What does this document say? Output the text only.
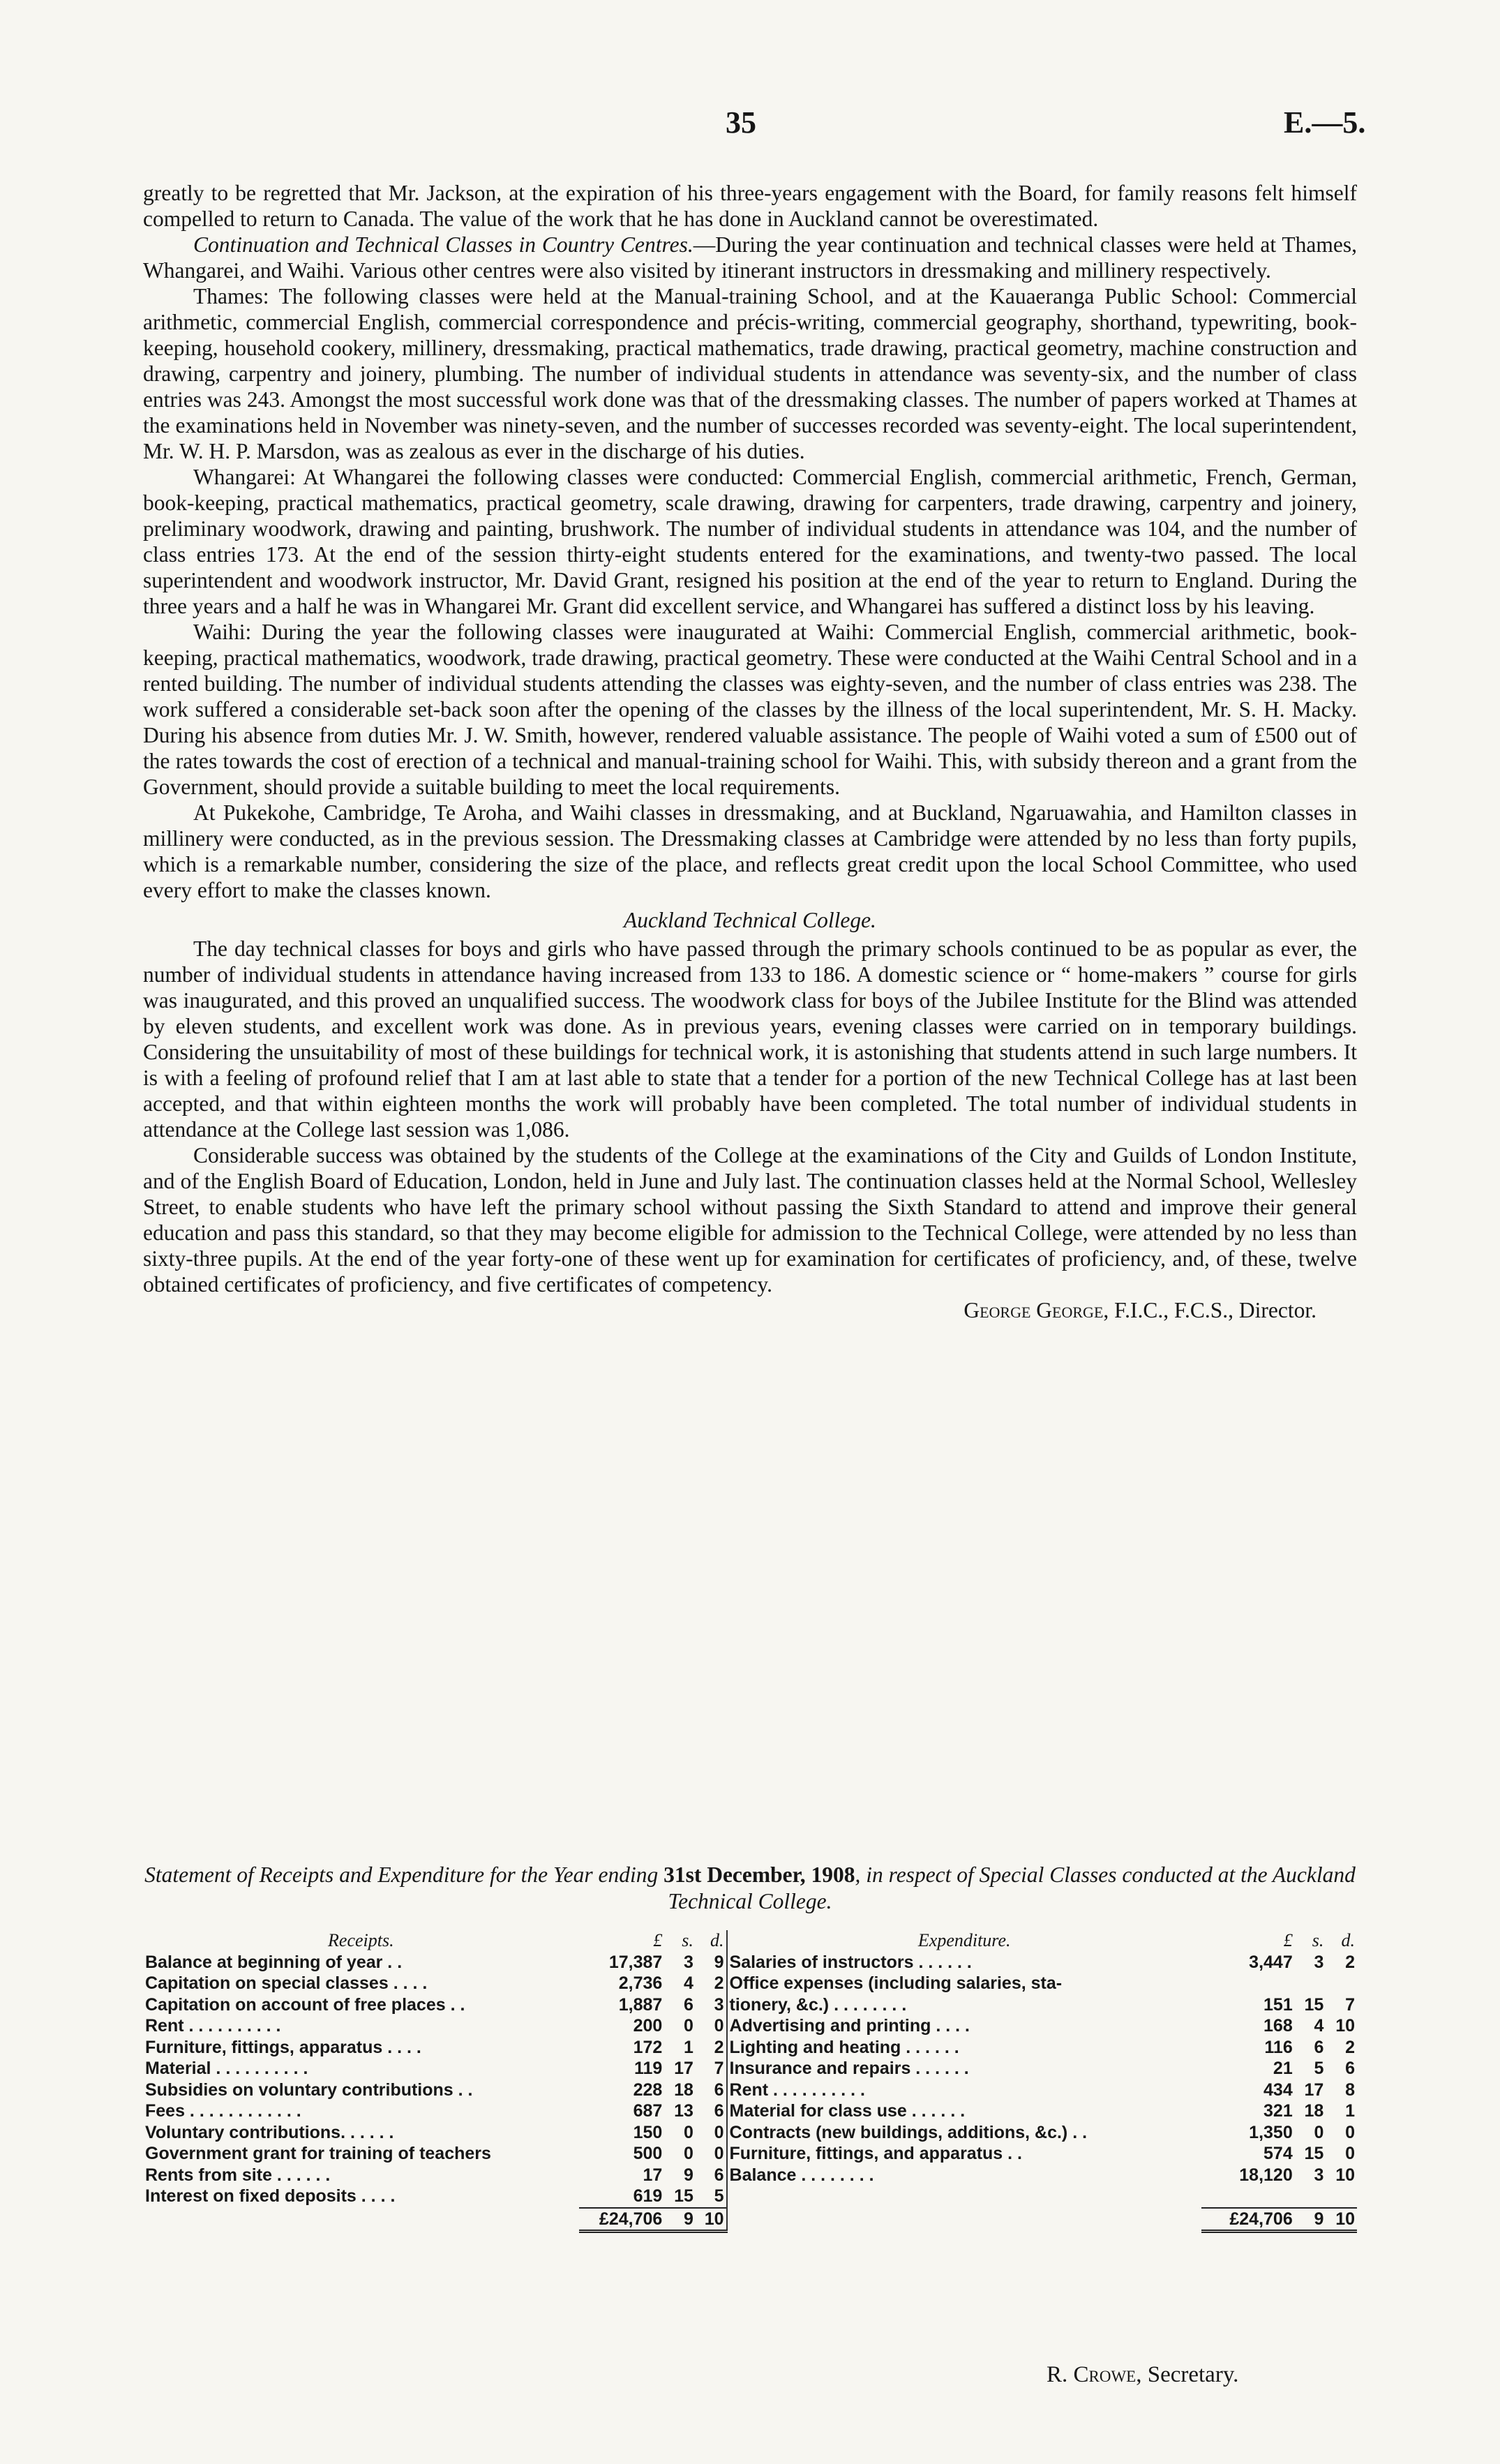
35	E.—5.

greatly to be regretted that Mr. Jackson, at the expiration of his three-years engagement with the Board, for family reasons felt himself compelled to return to Canada. The value of the work that he has done in Auckland cannot be overestimated.

Continuation and Technical Classes in Country Centres.—During the year continuation and technical classes were held at Thames, Whangarei, and Waihi. Various other centres were also visited by itinerant instructors in dressmaking and millinery respectively.

Thames: The following classes were held at the Manual-training School, and at the Kauaeranga Public School: Commercial arithmetic, commercial English, commercial correspondence and précis-writing, commercial geography, shorthand, typewriting, book-keeping, household cookery, millinery, dressmaking, practical mathematics, trade drawing, practical geometry, machine construction and drawing, carpentry and joinery, plumbing. The number of individual students in attendance was seventy-six, and the number of class entries was 243. Amongst the most successful work done was that of the dressmaking classes. The number of papers worked at Thames at the examinations held in November was ninety-seven, and the number of successes recorded was seventy-eight. The local superintendent, Mr. W. H. P. Marsdon, was as zealous as ever in the discharge of his duties.

Whangarei: At Whangarei the following classes were conducted: Commercial English, commercial arithmetic, French, German, book-keeping, practical mathematics, practical geometry, scale drawing, drawing for carpenters, trade drawing, carpentry and joinery, preliminary woodwork, drawing and painting, brushwork. The number of individual students in attendance was 104, and the number of class entries 173. At the end of the session thirty-eight students entered for the examinations, and twenty-two passed. The local superintendent and woodwork instructor, Mr. David Grant, resigned his position at the end of the year to return to England. During the three years and a half he was in Whangarei Mr. Grant did excellent service, and Whangarei has suffered a distinct loss by his leaving.

Waihi: During the year the following classes were inaugurated at Waihi: Commercial English, commercial arithmetic, book-keeping, practical mathematics, woodwork, trade drawing, practical geometry. These were conducted at the Waihi Central School and in a rented building. The number of individual students attending the classes was eighty-seven, and the number of class entries was 238. The work suffered a considerable set-back soon after the opening of the classes by the illness of the local superintendent, Mr. S. H. Macky. During his absence from duties Mr. J. W. Smith, however, rendered valuable assistance. The people of Waihi voted a sum of £500 out of the rates towards the cost of erection of a technical and manual-training school for Waihi. This, with subsidy thereon and a grant from the Government, should provide a suitable building to meet the local requirements.

At Pukekohe, Cambridge, Te Aroha, and Waihi classes in dressmaking, and at Buckland, Ngaruawahia, and Hamilton classes in millinery were conducted, as in the previous session. The Dressmaking classes at Cambridge were attended by no less than forty pupils, which is a remarkable number, considering the size of the place, and reflects great credit upon the local School Committee, who used every effort to make the classes known.

Auckland Technical College.

The day technical classes for boys and girls who have passed through the primary schools continued to be as popular as ever, the number of individual students in attendance having increased from 133 to 186. A domestic science or “ home-makers ” course for girls was inaugurated, and this proved an unqualified success. The woodwork class for boys of the Jubilee Institute for the Blind was attended by eleven students, and excellent work was done. As in previous years, evening classes were carried on in temporary buildings. Considering the unsuitability of most of these buildings for technical work, it is astonishing that students attend in such large numbers. It is with a feeling of profound relief that I am at last able to state that a tender for a portion of the new Technical College has at last been accepted, and that within eighteen months the work will probably have been completed. The total number of individual students in attendance at the College last session was 1,086.

Considerable success was obtained by the students of the College at the examinations of the City and Guilds of London Institute, and of the English Board of Education, London, held in June and July last. The continuation classes held at the Normal School, Wellesley Street, to enable students who have left the primary school without passing the Sixth Standard to attend and improve their general education and pass this standard, so that they may become eligible for admission to the Technical College, were attended by no less than sixty-three pupils. At the end of the year forty-one of these went up for examination for certificates of proficiency, and, of these, twelve obtained certificates of proficiency, and five certificates of competency.

George George, F.I.C., F.C.S., Director.
Statement of Receipts and Expenditure for the Year ending 31st December, 1908, in respect of Special Classes conducted at the Auckland Technical College.
Receipts.	£	s.	d.	Expenditure.	£	s.	d.
Balance at beginning of year . .	17,387	3	9	Salaries of instructors . . . . . .	3,447	3	2
Capitation on special classes . . . .	2,736	4	2	Office expenses (including salaries, sta-			
Capitation on account of free places . .	1,887	6	3	tionery, &c.) . . . . . . . .	151	15	7
Rent . . . . . . . . . .	200	0	0	Advertising and printing . . . .	168	4	10
Furniture, fittings, apparatus . . . .	172	1	2	Lighting and heating . . . . . .	116	6	2
Material . . . . . . . . . .	119	17	7	Insurance and repairs . . . . . .	21	5	6
Subsidies on voluntary contributions . .	228	18	6	Rent . . . . . . . . . .	434	17	8
Fees . . . . . . . . . . . .	687	13	6	Material for class use . . . . . .	321	18	1
Voluntary contributions. . . . . .	150	0	0	Contracts (new buildings, additions, &c.) . .	1,350	0	0
Government grant for training of teachers	500	0	0	Furniture, fittings, and apparatus . .	574	15	0
Rents from site . . . . . .	17	9	6	Balance . . . . . . . .	18,120	3	10
Interest on fixed deposits . . . .	619	15	5				

	£24,706	9	10		£24,706	9	10
R. Crowe, Secretary.
